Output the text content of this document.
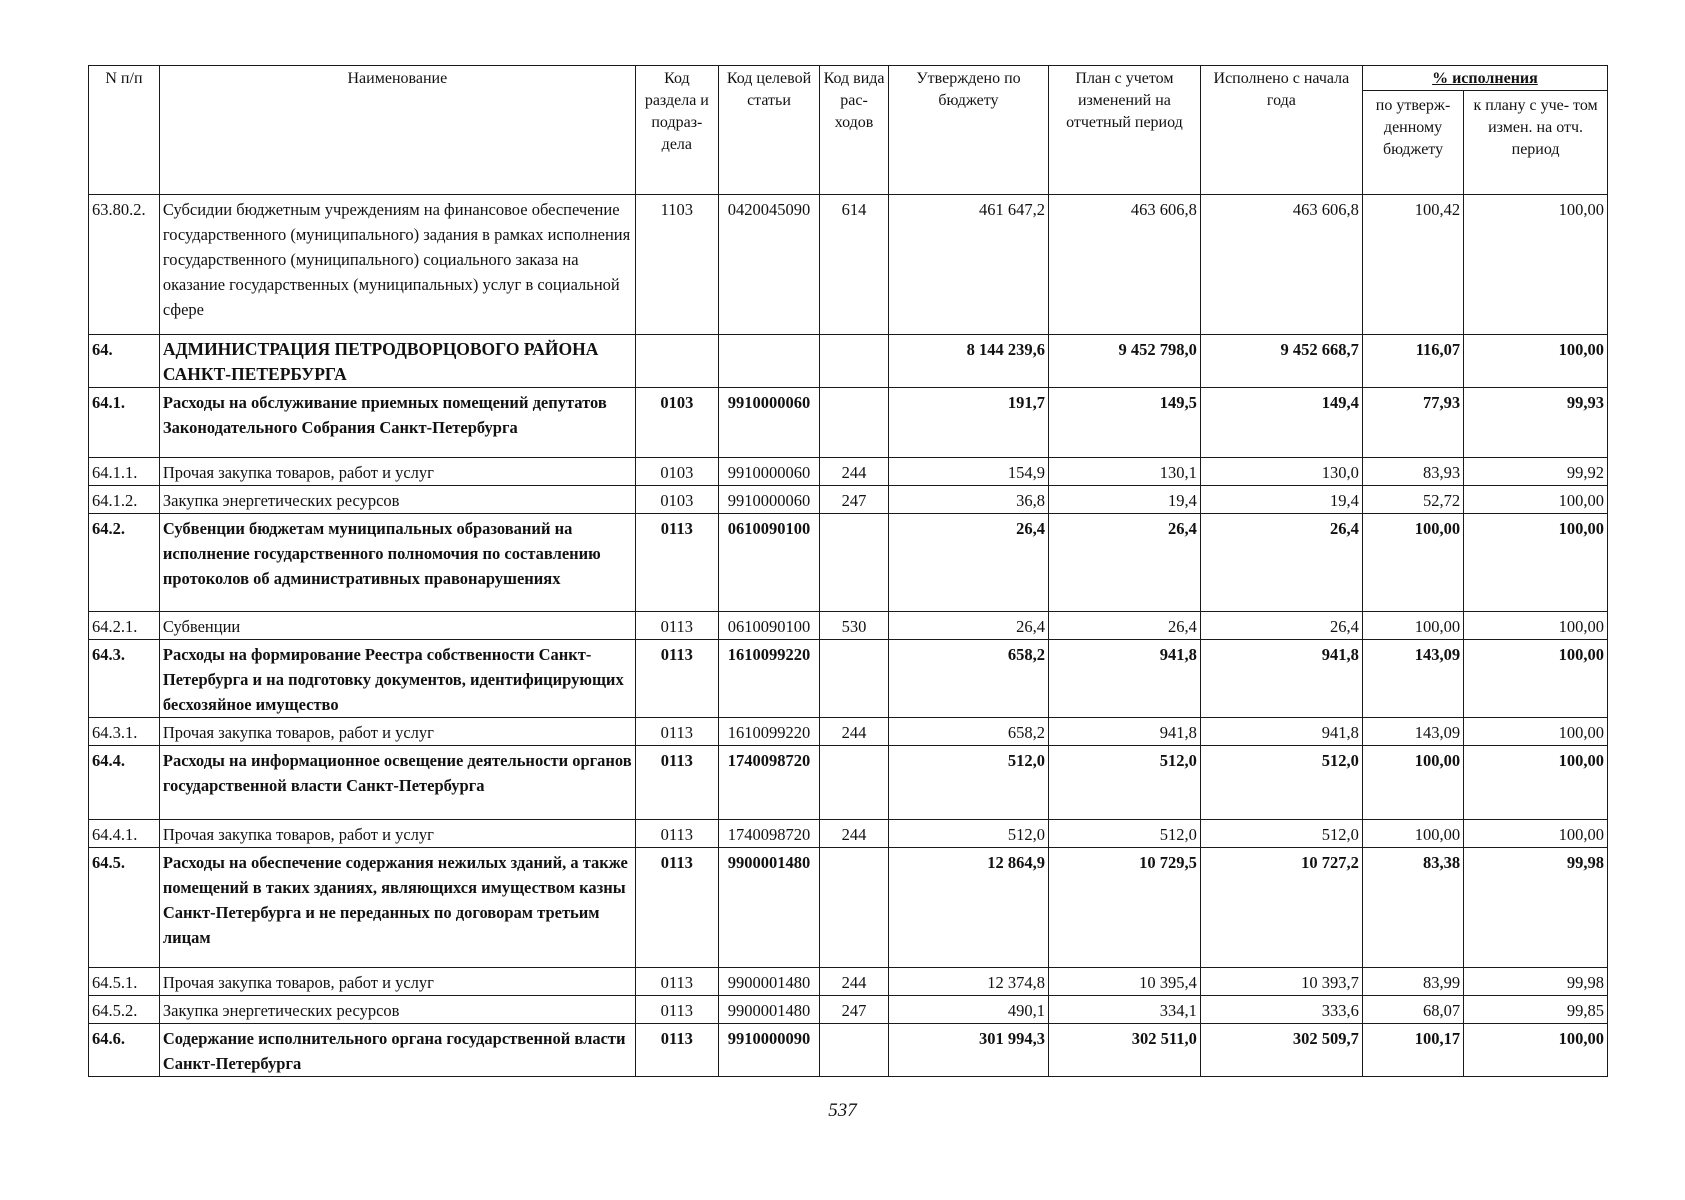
N п/п	Наименование	Код раздела и подраз- дела	Код целевой статьи	Код вида рас- ходов	Утверждено по бюджету	План с учетом изменений на отчетный период	Исполнено с начала года	% исполнения	
								по утверж- денному бюджету	к плану с уче- том измен. на отч. период
63.80.2.	Субсидии бюджетным учреждениям на финансовое обеспечение государственного (муниципального) задания в рамках исполнения государственного (муниципального) социального заказа на оказание государственных (муниципальных) услуг в социальной сфере	1103	0420045090	614	461 647,2	463 606,8	463 606,8	100,42	100,00
64.	АДМИНИСТРАЦИЯ ПЕТРОДВОРЦОВОГО РАЙОНА САНКТ-ПЕТЕРБУРГА				8 144 239,6	9 452 798,0	9 452 668,7	116,07	100,00
64.1.	Расходы на обслуживание приемных помещений депутатов Законодательного Собрания Санкт-Петербурга	0103	9910000060		191,7	149,5	149,4	77,93	99,93
64.1.1.	Прочая закупка товаров, работ и услуг	0103	9910000060	244	154,9	130,1	130,0	83,93	99,92
64.1.2.	Закупка энергетических ресурсов	0103	9910000060	247	36,8	19,4	19,4	52,72	100,00
64.2.	Субвенции бюджетам муниципальных образований на исполнение государственного полномочия по составлению протоколов об административных правонарушениях	0113	0610090100		26,4	26,4	26,4	100,00	100,00
64.2.1.	Субвенции	0113	0610090100	530	26,4	26,4	26,4	100,00	100,00
64.3.	Расходы на формирование Реестра собственности Санкт-Петербурга и на подготовку документов, идентифицирующих бесхозяйное имущество	0113	1610099220		658,2	941,8	941,8	143,09	100,00
64.3.1.	Прочая закупка товаров, работ и услуг	0113	1610099220	244	658,2	941,8	941,8	143,09	100,00
64.4.	Расходы на информационное освещение деятельности органов государственной власти Санкт-Петербурга	0113	1740098720		512,0	512,0	512,0	100,00	100,00
64.4.1.	Прочая закупка товаров, работ и услуг	0113	1740098720	244	512,0	512,0	512,0	100,00	100,00
64.5.	Расходы на обеспечение содержания нежилых зданий, а также помещений в таких зданиях, являющихся имуществом казны Санкт-Петербурга и не переданных по договорам третьим лицам	0113	9900001480		12 864,9	10 729,5	10 727,2	83,38	99,98
64.5.1.	Прочая закупка товаров, работ и услуг	0113	9900001480	244	12 374,8	10 395,4	10 393,7	83,99	99,98
64.5.2.	Закупка энергетических ресурсов	0113	9900001480	247	490,1	334,1	333,6	68,07	99,85
64.6.	Содержание исполнительного органа государственной власти Санкт-Петербурга	0113	9910000090		301 994,3	302 511,0	302 509,7	100,17	100,00
537
